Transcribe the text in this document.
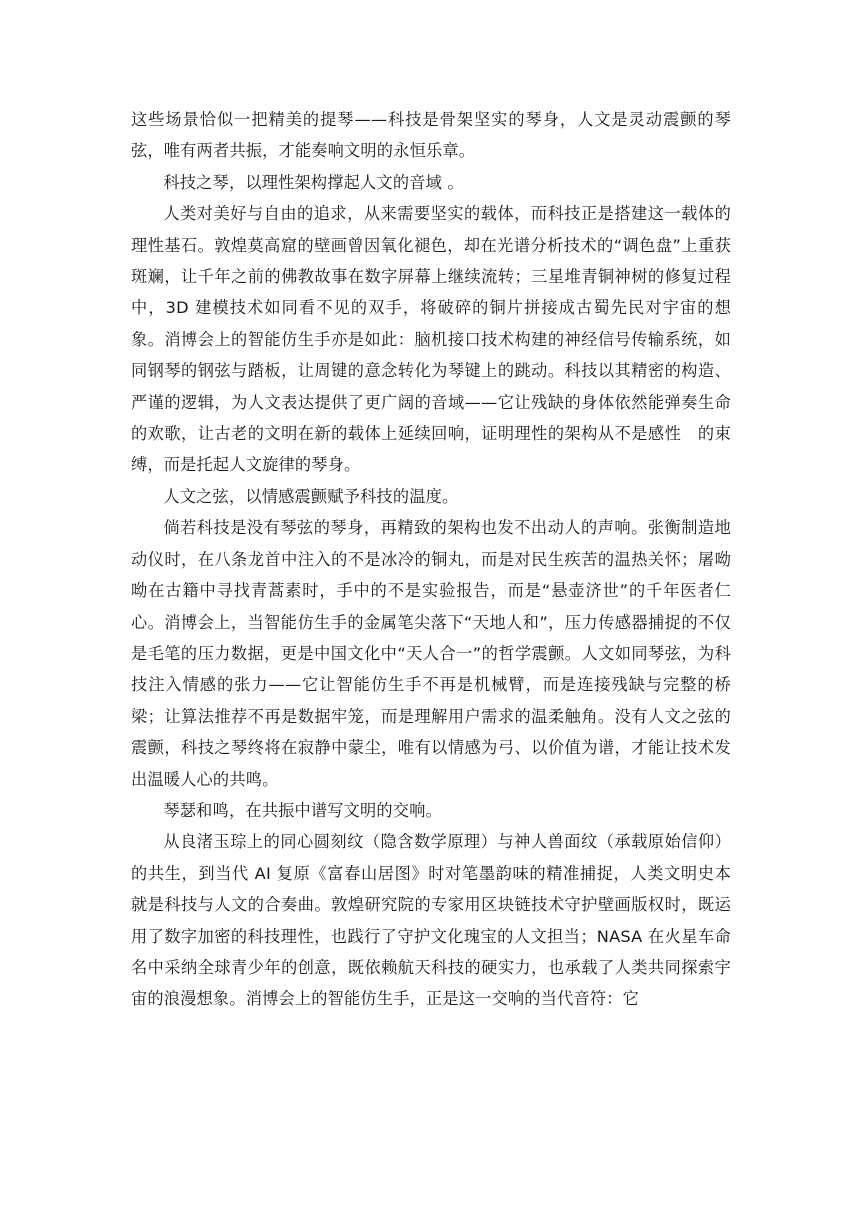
这些场景恰似一把精美的提琴——科技是骨架坚实的琴身，人文是灵动震颤的琴弦，唯有两者共振，才能奏响文明的永恒乐章。

科技之琴，以理性架构撑起人文的音域 。

人类对美好与自由的追求，从来需要坚实的载体，而科技正是搭建这一载体的理性基石。敦煌莫高窟的壁画曾因氧化褪色，却在光谱分析技术的“调色盘”上重获斑斓，让千年之前的佛教故事在数字屏幕上继续流转；三星堆青铜神树的修复过程中，3D 建模技术如同看不见的双手，将破碎的铜片拼接成古蜀先民对宇宙的想象。消博会上的智能仿生手亦是如此：脑机接口技术构建的神经信号传输系统，如同钢琴的钢弦与踏板，让周键的意念转化为琴键上的跳动。科技以其精密的构造、严谨的逻辑，为人文表达提供了更广阔的音域——它让残缺的身体依然能弹奏生命的欢歌，让古老的文明在新的载体上延续回响，证明理性的架构从不是感性　的束缚，而是托起人文旋律的琴身。

人文之弦，以情感震颤赋予科技的温度。

倘若科技是没有琴弦的琴身，再精致的架构也发不出动人的声响。张衡制造地动仪时，在八条龙首中注入的不是冰冷的铜丸，而是对民生疾苦的温热关怀；屠呦呦在古籍中寻找青蒿素时，手中的不是实验报告，而是“悬壶济世”的千年医者仁心。消博会上，当智能仿生手的金属笔尖落下“天地人和”，压力传感器捕捉的不仅是毛笔的压力数据，更是中国文化中“天人合一”的哲学震颤。人文如同琴弦，为科技注入情感的张力——它让智能仿生手不再是机械臂，而是连接残缺与完整的桥梁；让算法推荐不再是数据牢笼，而是理解用户需求的温柔触角。没有人文之弦的震颤，科技之琴终将在寂静中蒙尘，唯有以情感为弓、以价值为谱，才能让技术发出温暖人心的共鸣。

琴瑟和鸣，在共振中谱写文明的交响。

从良渚玉琮上的同心圆刻纹（隐含数学原理）与神人兽面纹（承载原始信仰）的共生，到当代 AI 复原《富春山居图》时对笔墨韵味的精准捕捉，人类文明史本就是科技与人文的合奏曲。敦煌研究院的专家用区块链技术守护壁画版权时，既运用了数字加密的科技理性，也践行了守护文化瑰宝的人文担当；NASA 在火星车命名中采纳全球青少年的创意，既依赖航天科技的硬实力，也承载了人类共同探索宇宙的浪漫想象。消博会上的智能仿生手，正是这一交响的当代音符：它
